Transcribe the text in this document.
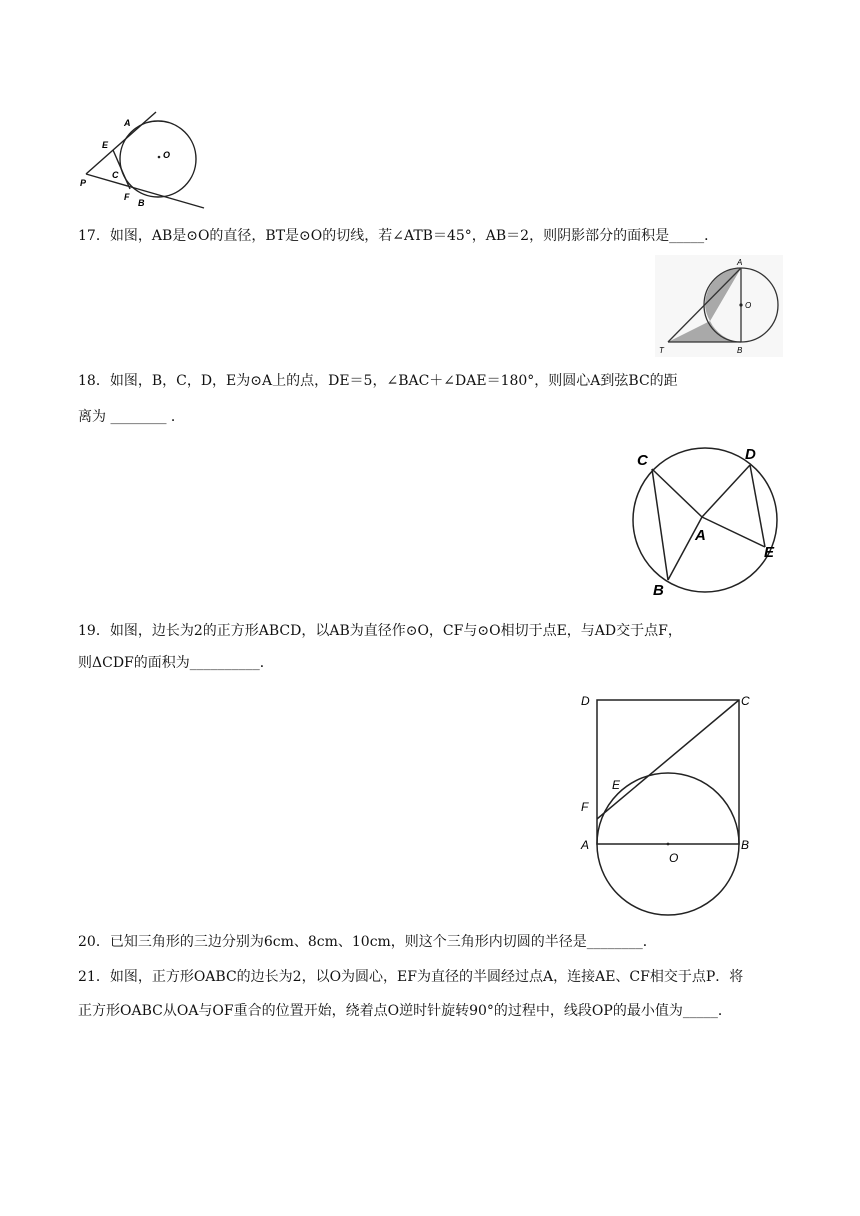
A
E
O
P
C
F
B
17．如图，AB是⊙O的直径，BT是⊙O的切线，若∠ATB＝45°，AB＝2，则阴影部分的面积是_____．
A
O
T	B
18．如图，B，C，D，E为⊙A上的点，DE＝5，∠BAC＋∠DAE＝180°，则圆心A到弦BC的距
离为 ________ ．
C	D
A
E
B
19．如图，边长为2的正方形ABCD，以AB为直径作⊙O，CF与⊙O相切于点E，与AD交于点F，
则ΔCDF的面积为__________．
D	C
E
F
A
O
B
20．已知三角形的三边分别为6cm、8cm、10cm，则这个三角形内切圆的半径是________．
21．如图，正方形OABC的边长为2，以O为圆心，EF为直径的半圆经过点A，连接AE、CF相交于点P．将
正方形OABC从OA与OF重合的位置开始，绕着点O逆时针旋转90°的过程中，线段OP的最小值为_____．
